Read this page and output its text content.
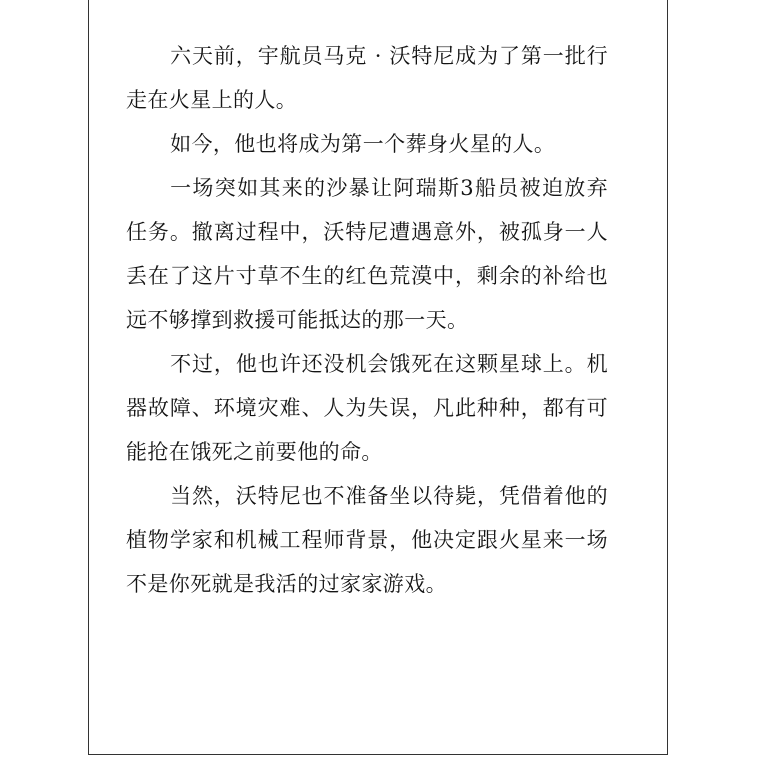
六天前，宇航员马克 · 沃特尼成为了第一批行走在火星上的人。

如今，他也将成为第一个葬身火星的人。

一场突如其来的沙暴让阿瑞斯3船员被迫放弃任务。撤离过程中，沃特尼遭遇意外，被孤身一人丢在了这片寸草不生的红色荒漠中，剩余的补给也远不够撑到救援可能抵达的那一天。

不过，他也许还没机会饿死在这颗星球上。机器故障、环境灾难、人为失误，凡此种种，都有可能抢在饿死之前要他的命。

当然，沃特尼也不准备坐以待毙，凭借着他的植物学家和机械工程师背景，他决定跟火星来一场不是你死就是我活的过家家游戏。
